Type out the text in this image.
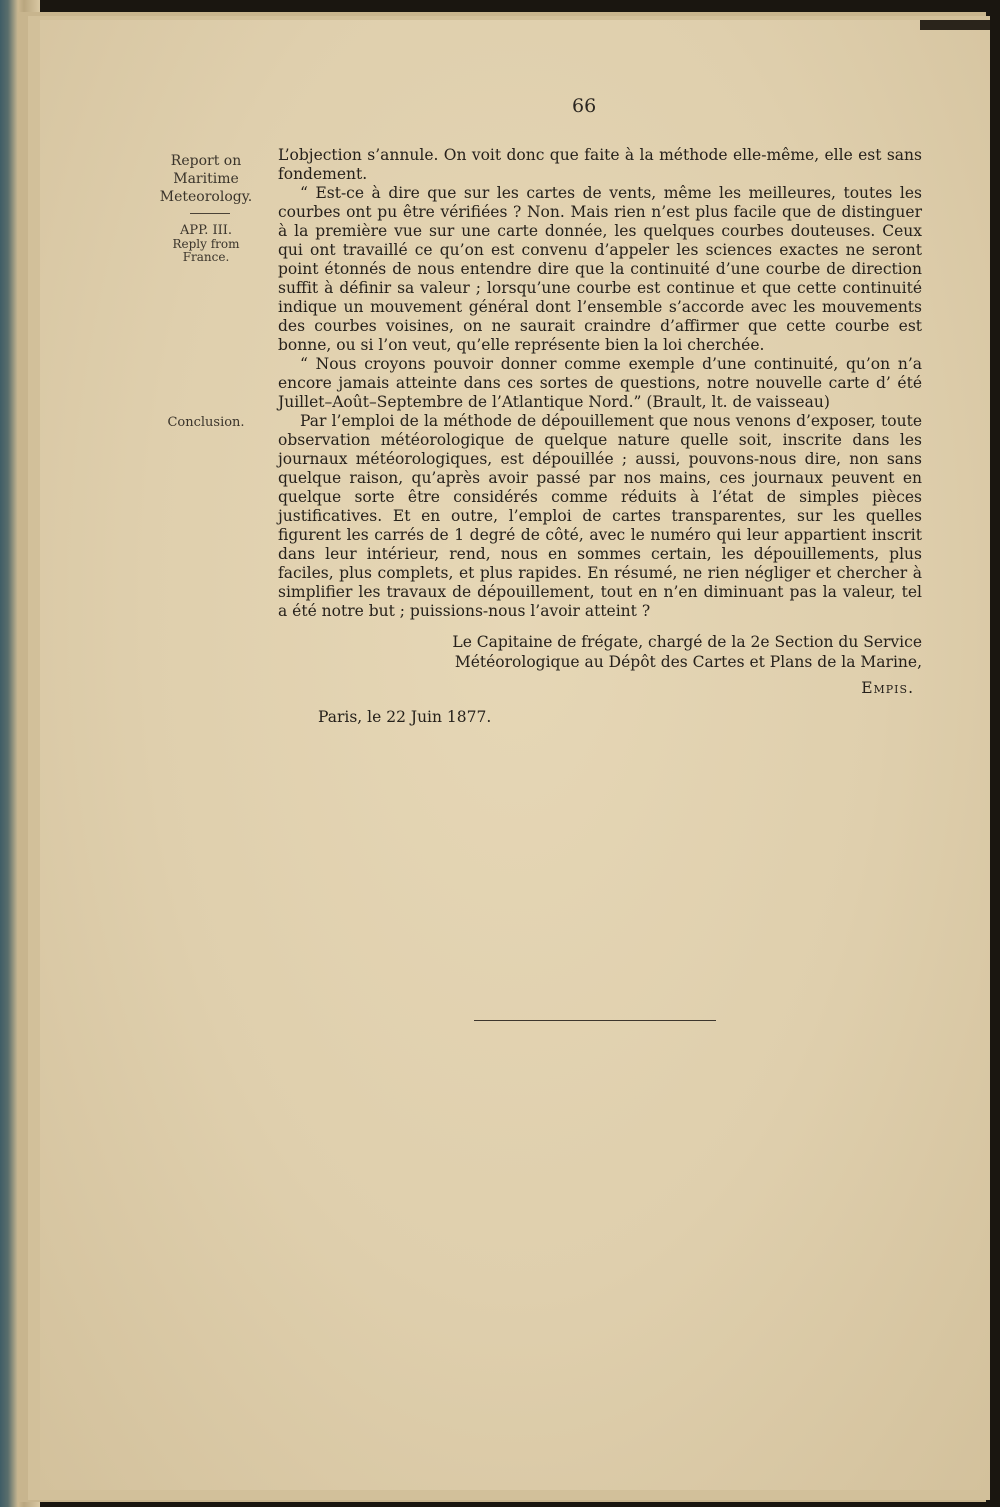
66
Report on Maritime Meteorology.
APP. III.
Reply from France.
Conclusion.

L’objection s’annule. On voit donc que faite à la méthode elle-même, elle est sans fondement.

“ Est-ce à dire que sur les cartes de vents, même les meilleures, toutes les courbes ont pu être vérifiées ? Non. Mais rien n’est plus facile que de distinguer à la première vue sur une carte donnée, les quelques courbes douteuses. Ceux qui ont travaillé ce qu’on est convenu d’appeler les sciences exactes ne seront point étonnés de nous entendre dire que la continuité d’une courbe de direction suffit à définir sa valeur ; lorsqu’une courbe est continue et que cette continuité indique un mouvement général dont l’ensemble s’accorde avec les mouvements des courbes voisines, on ne saurait craindre d’affirmer que cette courbe est bonne, ou si l’on veut, qu’elle représente bien la loi cherchée.

“ Nous croyons pouvoir donner comme exemple d’une continuité, qu’on n’a encore jamais atteinte dans ces sortes de questions, notre nouvelle carte d’ été Juillet–Août–Septembre de l’Atlantique Nord.” (Brault, lt. de vaisseau)

Par l’emploi de la méthode de dépouillement que nous venons d’exposer, toute observation météorologique de quelque nature quelle soit, inscrite dans les journaux météorologiques, est dépouillée ; aussi, pouvons-nous dire, non sans quelque raison, qu’après avoir passé par nos mains, ces journaux peuvent en quelque sorte être considérés comme réduits à l’état de simples pièces justificatives. Et en outre, l’emploi de cartes transparentes, sur les quelles figurent les carrés de 1 degré de côté, avec le numéro qui leur appartient inscrit dans leur intérieur, rend, nous en sommes certain, les dépouillements, plus faciles, plus complets, et plus rapides. En résumé, ne rien négliger et chercher à simplifier les travaux de dépouillement, tout en n’en diminuant pas la valeur, tel a été notre but ; puissions-nous l’avoir atteint ?

Le Capitaine de frégate, chargé de la 2e Section du Service
Météorologique au Dépôt des Cartes et Plans de la Marine,
Empis.
Paris, le 22 Juin 1877.
